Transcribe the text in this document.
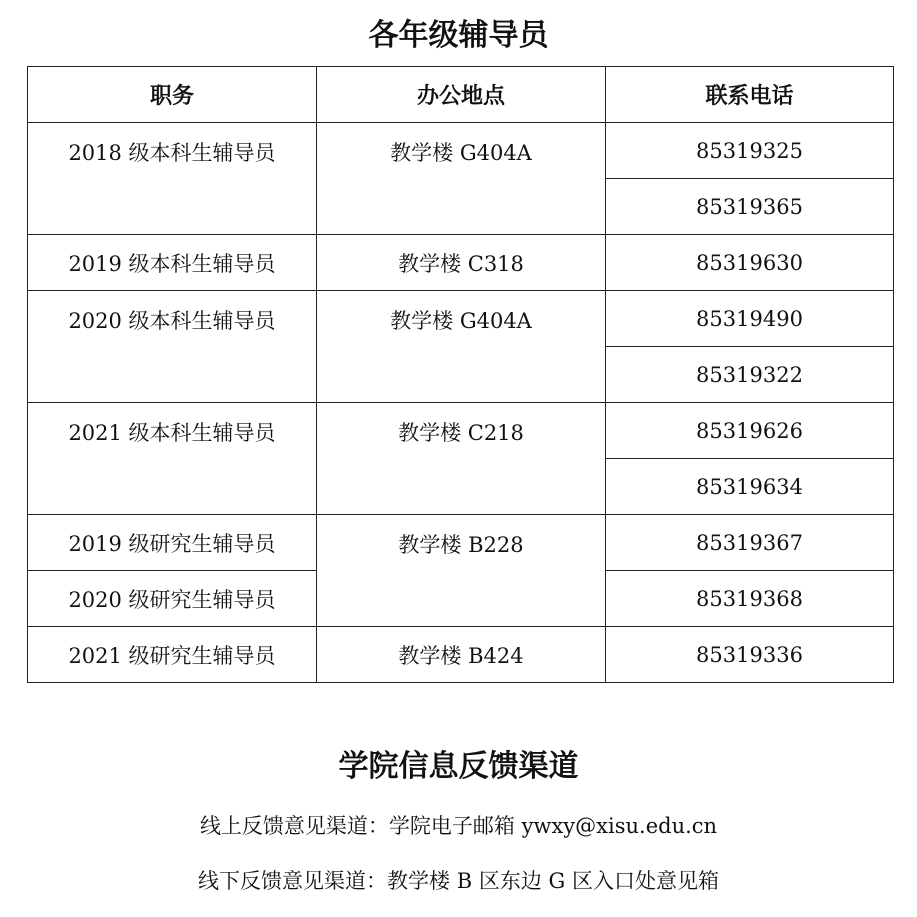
各年级辅导员
职务	办公地点	联系电话
2018 级本科生辅导员	教学楼 G404A	85319325
		85319365
2019 级本科生辅导员	教学楼 C318	85319630
2020 级本科生辅导员	教学楼 G404A	85319490
		85319322
2021 级本科生辅导员	教学楼 C218	85319626
		85319634
2019 级研究生辅导员	教学楼 B228	85319367
2020 级研究生辅导员		85319368
2021 级研究生辅导员	教学楼 B424	85319336
学院信息反馈渠道
线上反馈意见渠道：学院电子邮箱 ywxy@xisu.edu.cn
线下反馈意见渠道：教学楼 B 区东边 G 区入口处意见箱
